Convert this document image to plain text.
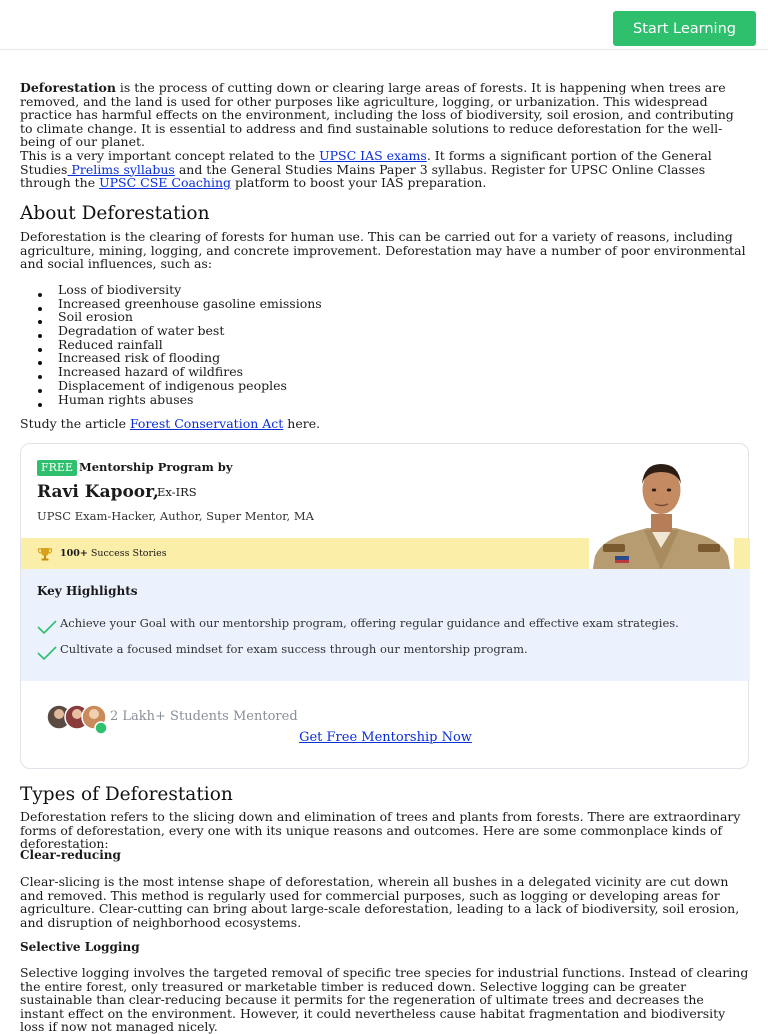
Start Learning

Deforestation is the process of cutting down or clearing large areas of forests. It is happening when trees are removed, and the land is used for other purposes like agriculture, logging, or urbanization. This widespread practice has harmful effects on the environment, including the loss of biodiversity, soil erosion, and contributing to climate change. It is essential to address and find sustainable solutions to reduce deforestation for the well-being of our planet.

This is a very important concept related to the UPSC IAS exams. It forms a significant portion of the General Studies Prelims syllabus and the General Studies Mains Paper 3 syllabus. Register for UPSC Online Classes through the UPSC CSE Coaching platform to boost your IAS preparation.

About Deforestation

Deforestation is the clearing of forests for human use. This can be carried out for a variety of reasons, including agriculture, mining, logging, and concrete improvement. Deforestation may have a number of poor environmental and social influences, such as:

Loss of biodiversity
Increased greenhouse gasoline emissions
Soil erosion
Degradation of water best
Reduced rainfall
Increased risk of flooding
Increased hazard of wildfires
Displacement of indigenous peoples
Human rights abuses

Study the article Forest Conservation Act here.

FREE Mentorship Program by
Ravi Kapoor,
Ex-IRS
UPSC Exam-Hacker, Author, Super Mentor, MA
100+ Success Stories
Key Highlights
Achieve your Goal with our mentorship program, offering regular guidance and effective exam strategies.
Cultivate a focused mindset for exam success through our mentorship program.
2 Lakh+ Students Mentored
Get Free Mentorship Now
Types of Deforestation

Deforestation refers to the slicing down and elimination of trees and plants from forests. There are extraordinary forms of deforestation, every one with its unique reasons and outcomes. Here are some commonplace kinds of deforestation:

Clear-reducing

Clear-slicing is the most intense shape of deforestation, wherein all bushes in a delegated vicinity are cut down and removed. This method is regularly used for commercial purposes, such as logging or developing areas for agriculture. Clear-cutting can bring about large-scale deforestation, leading to a lack of biodiversity, soil erosion, and disruption of neighborhood ecosystems.

Selective Logging

Selective logging involves the targeted removal of specific tree species for industrial functions. Instead of clearing the entire forest, only treasured or marketable timber is reduced down. Selective logging can be greater sustainable than clear-reducing because it permits for the regeneration of ultimate trees and decreases the instant effect on the environment. However, it could nevertheless cause habitat fragmentation and biodiversity loss if now not managed nicely.
